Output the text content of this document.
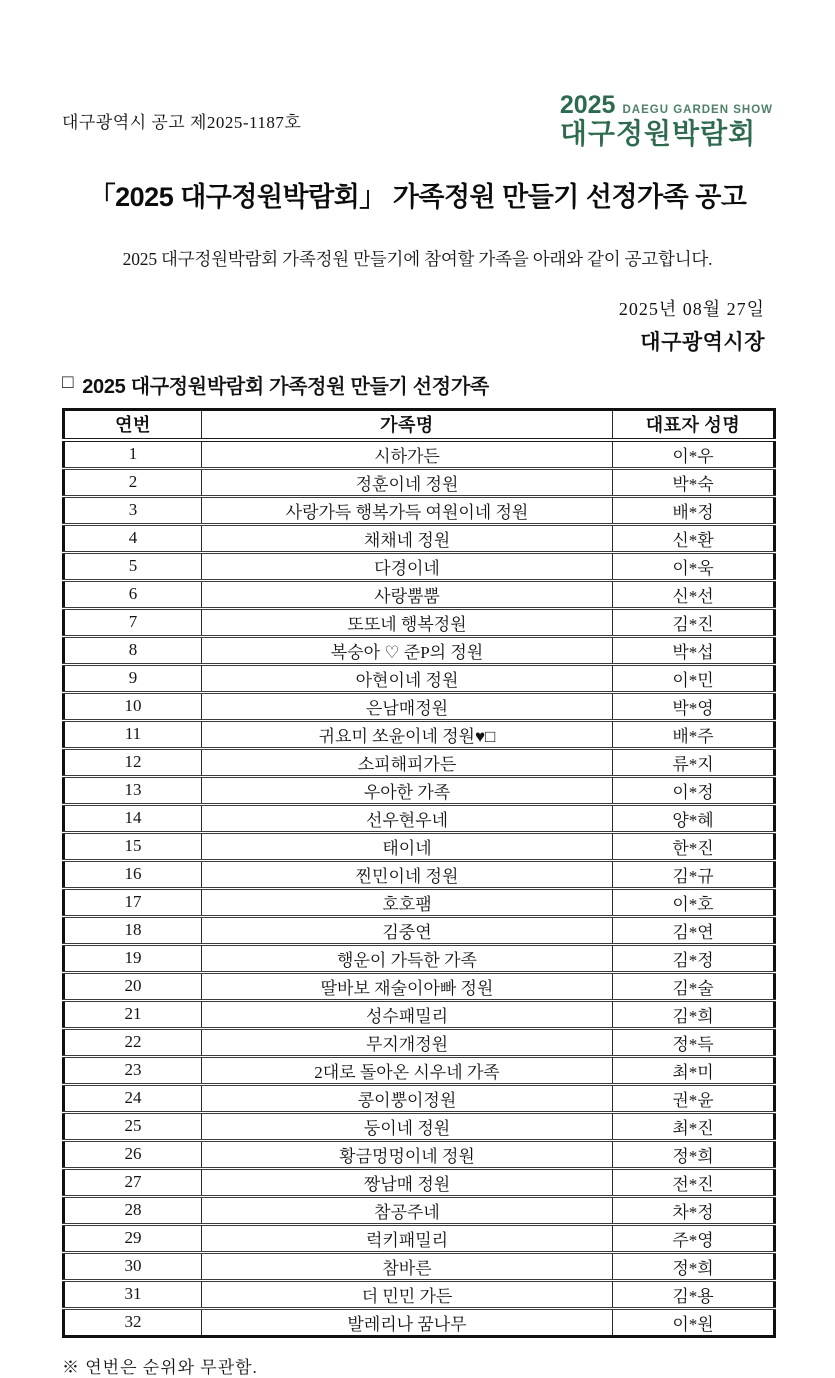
대구광역시 공고 제2025-1187호
2025 DAEGU GARDEN SHOW
대구정원박람회
「2025 대구정원박람회」 가족정원 만들기 선정가족 공고
2025 대구정원박람회 가족정원 만들기에 참여할 가족을 아래와 같이 공고합니다.
2025년 08월 27일
대구광역시장
□ 2025 대구정원박람회 가족정원 만들기 선정가족
연번	가족명	대표자 성명
1	시하가든	이*우
2	정훈이네 정원	박*숙
3	사랑가득 행복가득 여원이네 정원	배*정
4	채채네 정원	신*환
5	다경이네	이*욱
6	사랑뿜뿜	신*선
7	또또네 행복정원	김*진
8	복숭아 ♡ 준P의 정원	박*섭
9	아현이네 정원	이*민
10	은남매정원	박*영
11	귀요미 쏘윤이네 정원♥□	배*주
12	소피해피가든	류*지
13	우아한 가족	이*정
14	선우현우네	양*혜
15	태이네	한*진
16	찐민이네 정원	김*규
17	호호팸	이*호
18	김중연	김*연
19	행운이 가득한 가족	김*정
20	딸바보 재술이아빠 정원	김*술
21	성수패밀리	김*희
22	무지개정원	정*득
23	2대로 돌아온 시우네 가족	최*미
24	콩이뿡이정원	권*윤
25	둥이네 정원	최*진
26	황금멍멍이네 정원	정*희
27	짱남매 정원	전*진
28	참공주네	차*정
29	럭키패밀리	주*영
30	참바른	정*희
31	더 민민 가든	김*용
32	발레리나 꿈나무	이*원
※ 연번은 순위와 무관함.
